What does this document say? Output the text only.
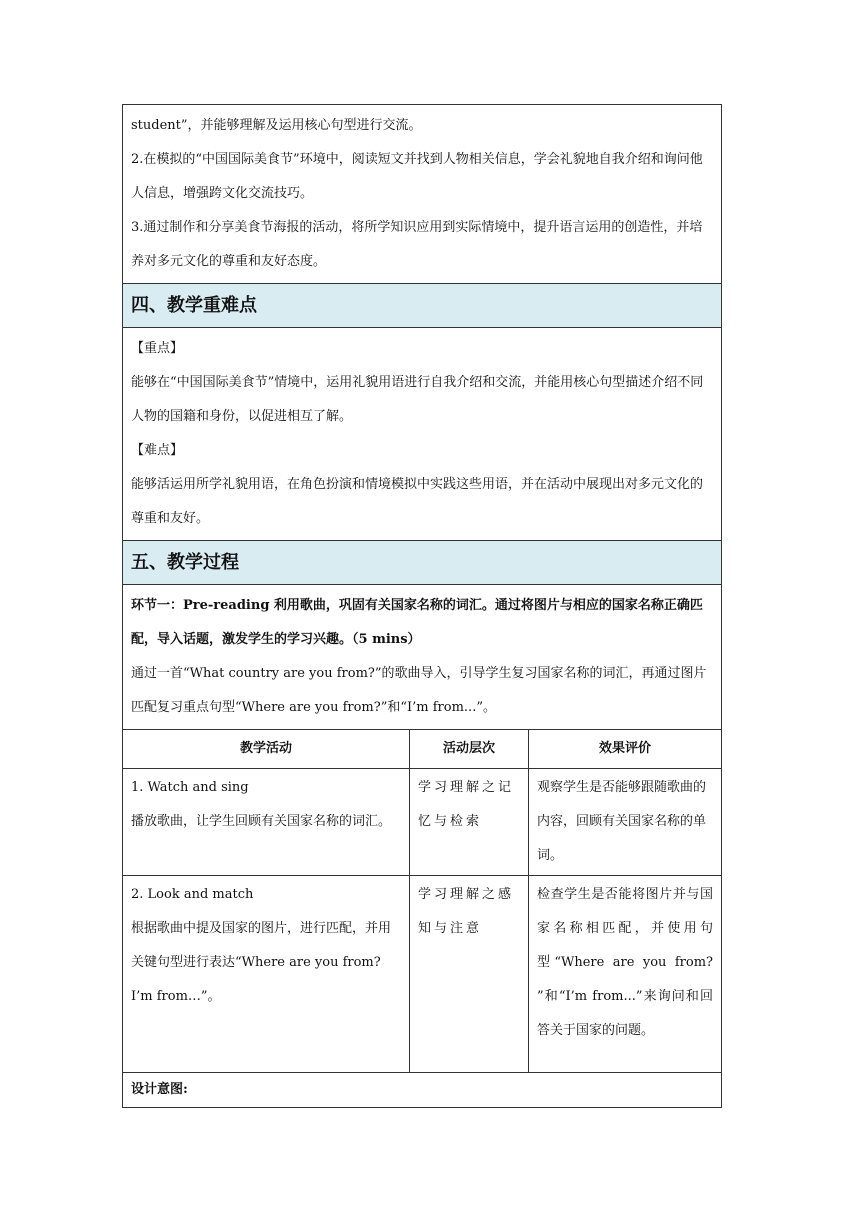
student”，并能够理解及运用核心句型进行交流。

2.在模拟的“中国国际美食节”环境中，阅读短文并找到人物相关信息，学会礼貌地自我介绍和询问他人信息，增强跨文化交流技巧。

3.通过制作和分享美食节海报的活动，将所学知识应用到实际情境中，提升语言运用的创造性，并培养对多元文化的尊重和友好态度。

四、教学重难点

【重点】

能够在“中国国际美食节”情境中，运用礼貌用语进行自我介绍和交流，并能用核心句型描述介绍不同人物的国籍和身份，以促进相互了解。

【难点】

能够活运用所学礼貌用语，在角色扮演和情境模拟中实践这些用语，并在活动中展现出对多元文化的尊重和友好。

五、教学过程

环节一：Pre-reading 利用歌曲，巩固有关国家名称的词汇。通过将图片与相应的国家名称正确匹配，导入话题，激发学生的学习兴趣。（5 mins）

通过一首“What country are you from?”的歌曲导入，引导学生复习国家名称的词汇，再通过图片匹配复习重点句型“Where are you from?”和“I’m from...”。

教学活动	活动层次	效果评价

1. Watch and sing
播放歌曲，让学生回顾有关国家名称的词汇。	学习理解之记忆与检索	观察学生是否能够跟随歌曲的内容，回顾有关国家名称的单词。

2. Look and match
根据歌曲中提及国家的图片，进行匹配，并用关键句型进行表达“Where are you from? I’m from…”。	学习理解之感知与注意	检查学生是否能将图片并与国家名称相匹配，并使用句型“Where are you from? ”和“I’m from...”来询问和回答关于国家的问题。
设计意图:
